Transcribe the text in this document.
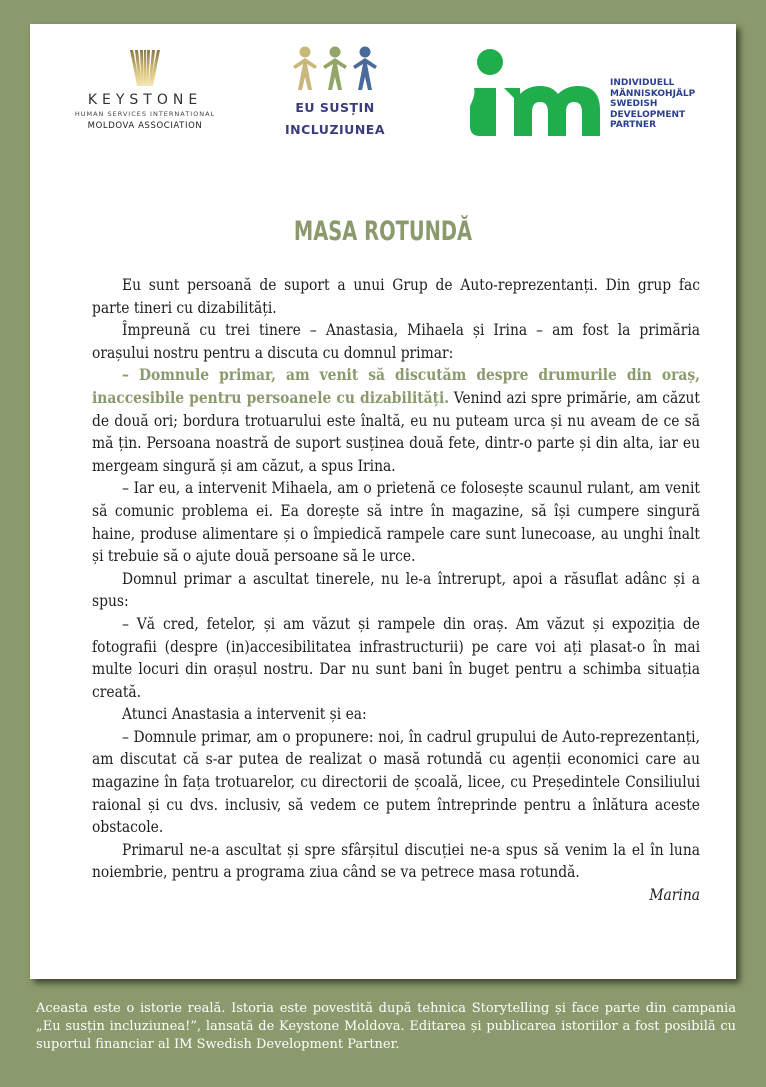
KEYSTONE
HUMAN SERVICES INTERNATIONAL
MOLDOVA ASSOCIATION
EU SUSȚIN
INCLUZIUNEA
INDIVIDUELL
MÄNNISKOHJÄLP
SWEDISH
DEVELOPMENT
PARTNER
MASA ROTUNDĂ

Eu sunt persoană de suport a unui Grup de Auto-reprezentanți. Din grup fac parte tineri cu dizabilități.

Împreună cu trei tinere – Anastasia, Mihaela și Irina – am fost la primăria orașului nostru pentru a discuta cu domnul primar:

– Domnule primar, am venit să discutăm despre drumurile din oraș, inaccesibile pentru persoanele cu dizabilități. Venind azi spre primărie, am căzut de două ori; bordura trotuarului este înaltă, eu nu puteam urca și nu aveam de ce să mă țin. Persoana noastră de suport susținea două fete, dintr-o parte și din alta, iar eu mergeam singură și am căzut, a spus Irina.

– Iar eu, a intervenit Mihaela, am o prietenă ce folosește scaunul rulant, am venit să comunic problema ei. Ea dorește să intre în magazine, să își cumpere singură haine, produse alimentare și o împiedică rampele care sunt lunecoase, au unghi înalt și trebuie să o ajute două persoane să le urce.

Domnul primar a ascultat tinerele, nu le-a întrerupt, apoi a răsuflat adânc și a spus:

– Vă cred, fetelor, și am văzut și rampele din oraș. Am văzut și expoziția de fotografii (despre (in)accesibilitatea infrastructurii) pe care voi ați plasat-o în mai multe locuri din orașul nostru. Dar nu sunt bani în buget pentru a schimba situația creată.

Atunci Anastasia a intervenit și ea:

– Domnule primar, am o propunere: noi, în cadrul grupului de Auto-reprezentanți, am discutat că s-ar putea de realizat o masă rotundă cu agenții economici care au magazine în fața trotuarelor, cu directorii de școală, licee, cu Președintele Consiliului raional și cu dvs. inclusiv, să vedem ce putem întreprinde pentru a înlătura aceste obstacole.

Primarul ne-a ascultat și spre sfârșitul discuției ne-a spus să venim la el în luna noiembrie, pentru a programa ziua când se va petrece masa rotundă.

Marina

Aceasta este o istorie reală. Istoria este povestită după tehnica Storytelling și face parte din campania „Eu susțin incluziunea!”, lansată de Keystone Moldova. Editarea și publicarea istoriilor a fost posibilă cu suportul financiar al IM Swedish Development Partner.
